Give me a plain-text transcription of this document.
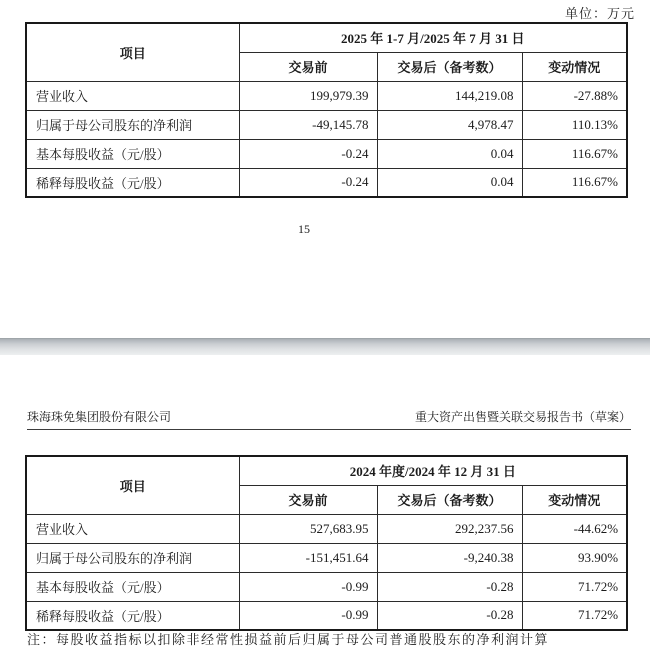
单位：万元
项目	2025 年 1-7 月/2025 年 7 月 31 日		
	交易前	交易后（备考数）	变动情况
营业收入	199,979.39	144,219.08	-27.88%
归属于母公司股东的净利润	-49,145.78	4,978.47	110.13%
基本每股收益（元/股）	-0.24	0.04	116.67%
稀释每股收益（元/股）	-0.24	0.04	116.67%
15
珠海珠免集团股份有限公司	重大资产出售暨关联交易报告书（草案）
项目	2024 年度/2024 年 12 月 31 日		
	交易前	交易后（备考数）	变动情况
营业收入	527,683.95	292,237.56	-44.62%
归属于母公司股东的净利润	-151,451.64	-9,240.38	93.90%
基本每股收益（元/股）	-0.99	-0.28	71.72%
稀释每股收益（元/股）	-0.99	-0.28	71.72%
注：每股收益指标以扣除非经常性损益前后归属于母公司普通股股东的净利润计算
